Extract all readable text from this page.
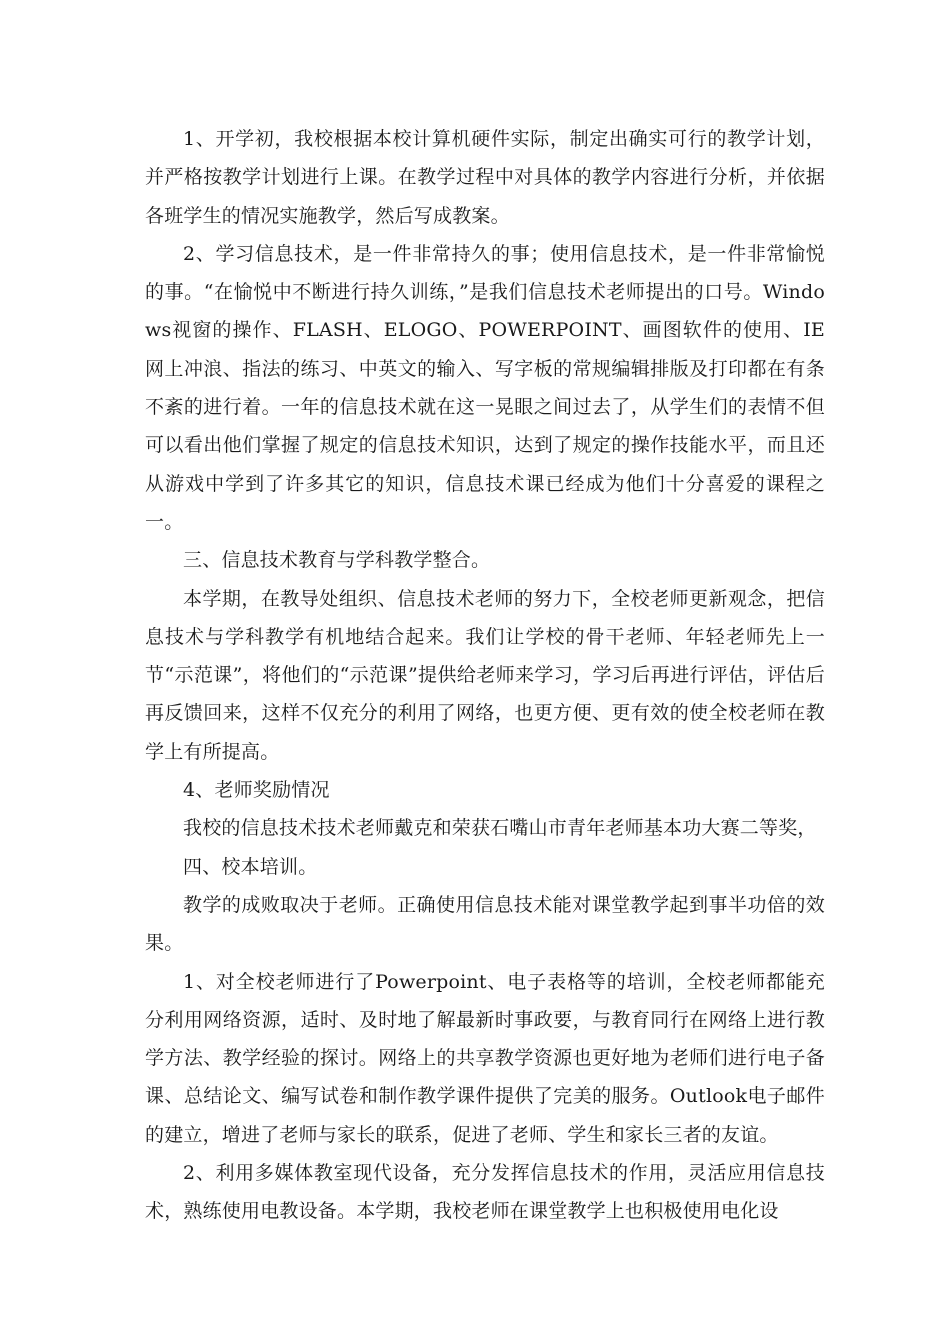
1、开学初，我校根据本校计算机硬件实际，制定出确实可行的教学计划，并严格按教学计划进行上课。在教学过程中对具体的教学内容进行分析，并依据各班学生的情况实施教学，然后写成教案。

2、学习信息技术，是一件非常持久的事；使用信息技术，是一件非常愉悦的事。“在愉悦中不断进行持久训练，”是我们信息技术老师提出的口号。Windows视窗的操作、FLASH、ELOGO、POWERPOINT、画图软件的使用、IE网上冲浪、指法的练习、中英文的输入、写字板的常规编辑排版及打印都在有条不紊的进行着。一年的信息技术就在这一晃眼之间过去了，从学生们的表情不但可以看出他们掌握了规定的信息技术知识，达到了规定的操作技能水平，而且还从游戏中学到了许多其它的知识，信息技术课已经成为他们十分喜爱的课程之一。

三、信息技术教育与学科教学整合。

本学期，在教导处组织、信息技术老师的努力下，全校老师更新观念，把信息技术与学科教学有机地结合起来。我们让学校的骨干老师、年轻老师先上一节“示范课”，将他们的“示范课”提供给老师来学习，学习后再进行评估，评估后再反馈回来，这样不仅充分的利用了网络，也更方便、更有效的使全校老师在教学上有所提高。

4、老师奖励情况

我校的信息技术技术老师戴克和荣获石嘴山市青年老师基本功大赛二等奖，

四、校本培训。

教学的成败取决于老师。正确使用信息技术能对课堂教学起到事半功倍的效果。

1、对全校老师进行了Powerpoint、电子表格等的培训，全校老师都能充分利用网络资源，适时、及时地了解最新时事政要，与教育同行在网络上进行教学方法、教学经验的探讨。网络上的共享教学资源也更好地为老师们进行电子备课、总结论文、编写试卷和制作教学课件提供了完美的服务。Outlook电子邮件的建立，增进了老师与家长的联系，促进了老师、学生和家长三者的友谊。

2、利用多媒体教室现代设备，充分发挥信息技术的作用，灵活应用信息技术，熟练使用电教设备。本学期，我校老师在课堂教学上也积极使用电化设
